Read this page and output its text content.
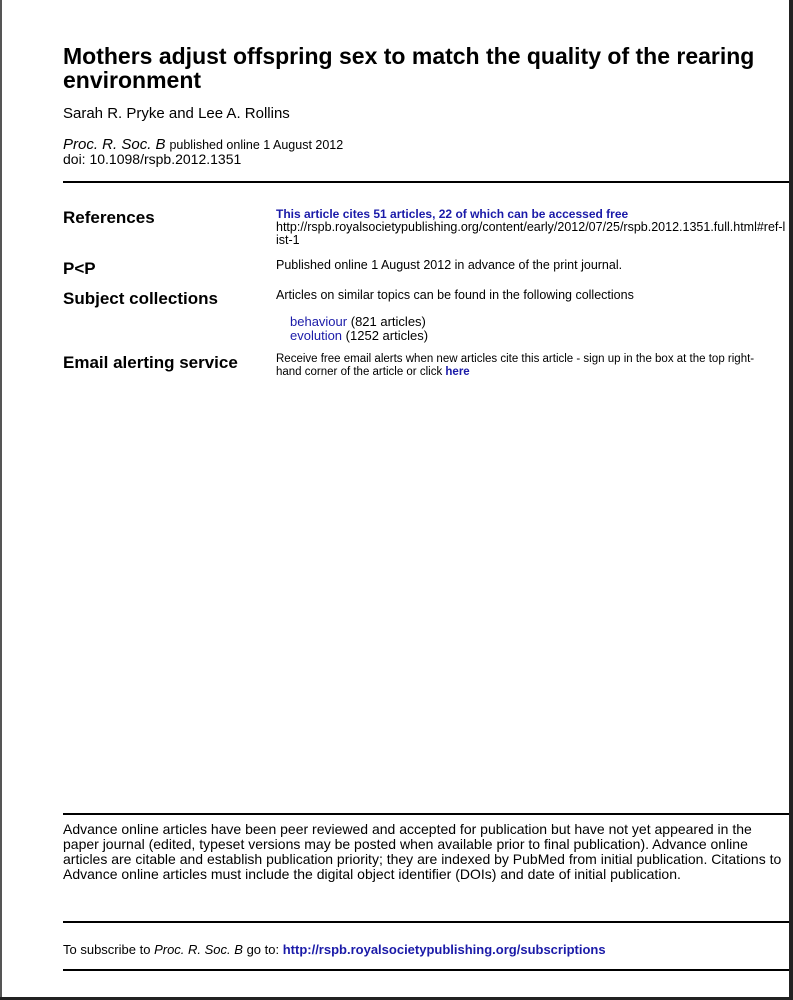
Mothers adjust offspring sex to match the quality of the rearing environment
Sarah R. Pryke and Lee A. Rollins
Proc. R. Soc. B published online 1 August 2012
doi: 10.1098/rspb.2012.1351
References	This article cites 51 articles, 22 of which can be accessed free
http://rspb.royalsocietypublishing.org/content/early/2012/07/25/rspb.2012.1351.full.html#ref-list-1
P<P	Published online 1 August 2012 in advance of the print journal.
Subject collections	Articles on similar topics can be found in the following collections
behaviour (821 articles)
evolution (1252 articles)
Email alerting service	Receive free email alerts when new articles cite this article - sign up in the box at the top right-hand corner of the article or click here
Advance online articles have been peer reviewed and accepted for publication but have not yet appeared in the paper journal (edited, typeset versions may be posted when available prior to final publication). Advance online articles are citable and establish publication priority; they are indexed by PubMed from initial publication. Citations to Advance online articles must include the digital object identifier (DOIs) and date of initial publication.
To subscribe to Proc. R. Soc. B go to: http://rspb.royalsocietypublishing.org/subscriptions
